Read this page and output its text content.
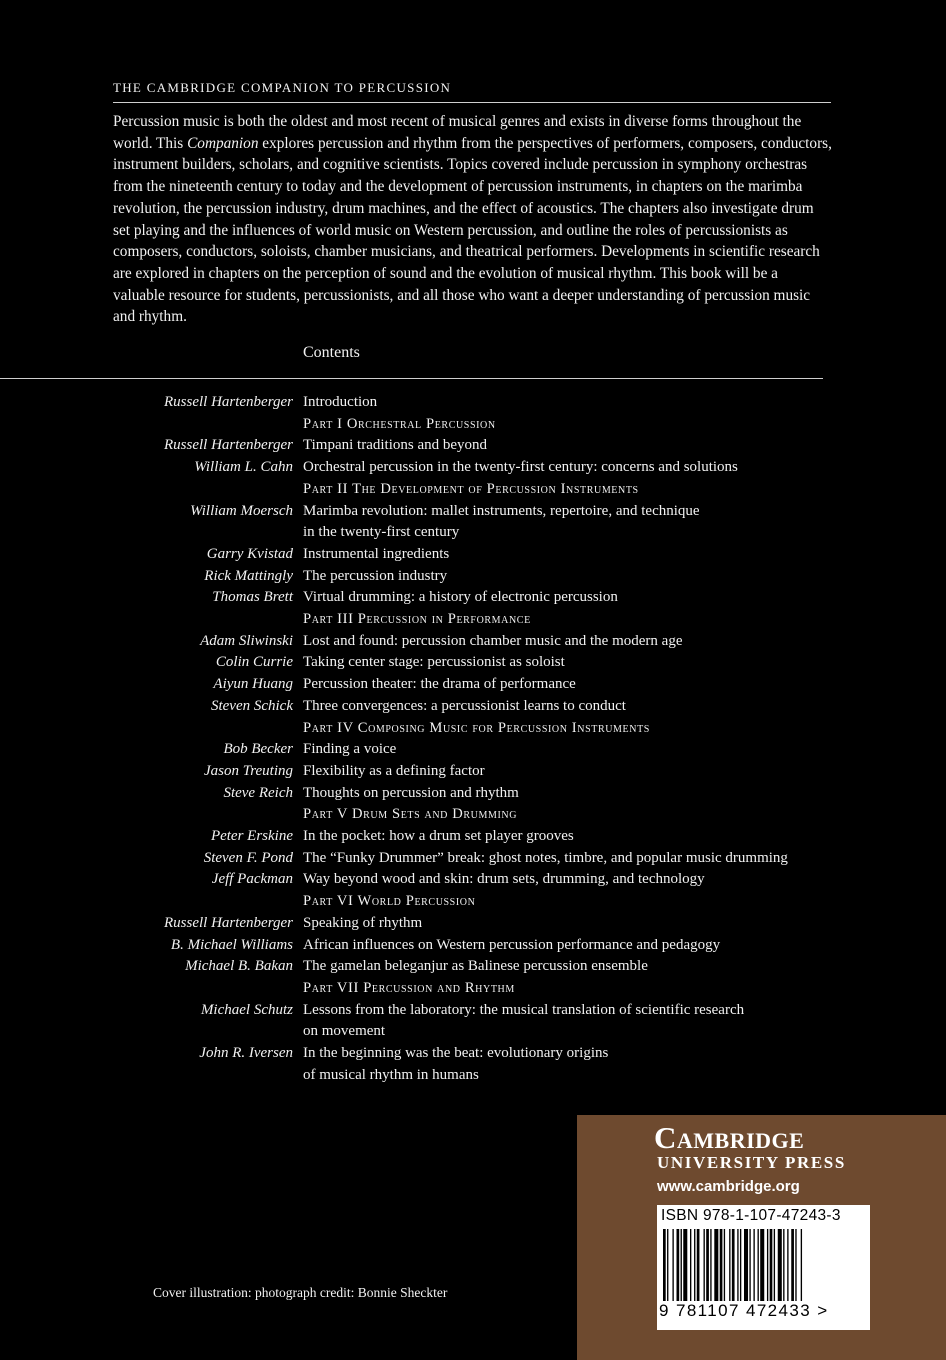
THE CAMBRIDGE COMPANION TO PERCUSSION

Percussion music is both the oldest and most recent of musical genres and exists in diverse forms throughout the world. This Companion explores percussion and rhythm from the perspectives of performers, composers, conductors, instrument builders, scholars, and cognitive scientists. Topics covered include percussion in symphony orchestras from the nineteenth century to today and the development of percussion instruments, in chapters on the marimba revolution, the percussion industry, drum machines, and the effect of acoustics. The chapters also investigate drum set playing and the influences of world music on Western percussion, and outline the roles of percussionists as composers, conductors, soloists, chamber musicians, and theatrical performers. Developments in scientific research are explored in chapters on the perception of sound and the evolution of musical rhythm. This book will be a valuable resource for students, percussionists, and all those who want a deeper understanding of percussion music and rhythm.

Contents
Russell Hartenberger Introduction
Part I Orchestral Percussion
Russell Hartenberger Timpani traditions and beyond
William L. Cahn Orchestral percussion in the twenty-first century: concerns and solutions
Part II The Development of Percussion Instruments
William Moersch Marimba revolution: mallet instruments, repertoire, and technique
in the twenty-first century
Garry Kvistad Instrumental ingredients
Rick Mattingly The percussion industry
Thomas Brett Virtual drumming: a history of electronic percussion
Part III Percussion in Performance
Adam Sliwinski Lost and found: percussion chamber music and the modern age
Colin Currie Taking center stage: percussionist as soloist
Aiyun Huang Percussion theater: the drama of performance
Steven Schick Three convergences: a percussionist learns to conduct
Part IV Composing Music for Percussion Instruments
Bob Becker Finding a voice
Jason Treuting Flexibility as a defining factor
Steve Reich Thoughts on percussion and rhythm
Part V Drum Sets and Drumming
Peter Erskine In the pocket: how a drum set player grooves
Steven F. Pond The “Funky Drummer” break: ghost notes, timbre, and popular music drumming
Jeff Packman Way beyond wood and skin: drum sets, drumming, and technology
Part VI World Percussion
Russell Hartenberger Speaking of rhythm
B. Michael Williams African influences on Western percussion performance and pedagogy
Michael B. Bakan The gamelan beleganjur as Balinese percussion ensemble
Part VII Percussion and Rhythm
Michael Schutz Lessons from the laboratory: the musical translation of scientific research
on movement
John R. Iversen In the beginning was the beat: evolutionary origins
of musical rhythm in humans
Cover illustration: photograph credit: Bonnie Sheckter
Cambridge
UNIVERSITY PRESS
www.cambridge.org
ISBN 978-1-107-47243-3
9 781107 472433 >
